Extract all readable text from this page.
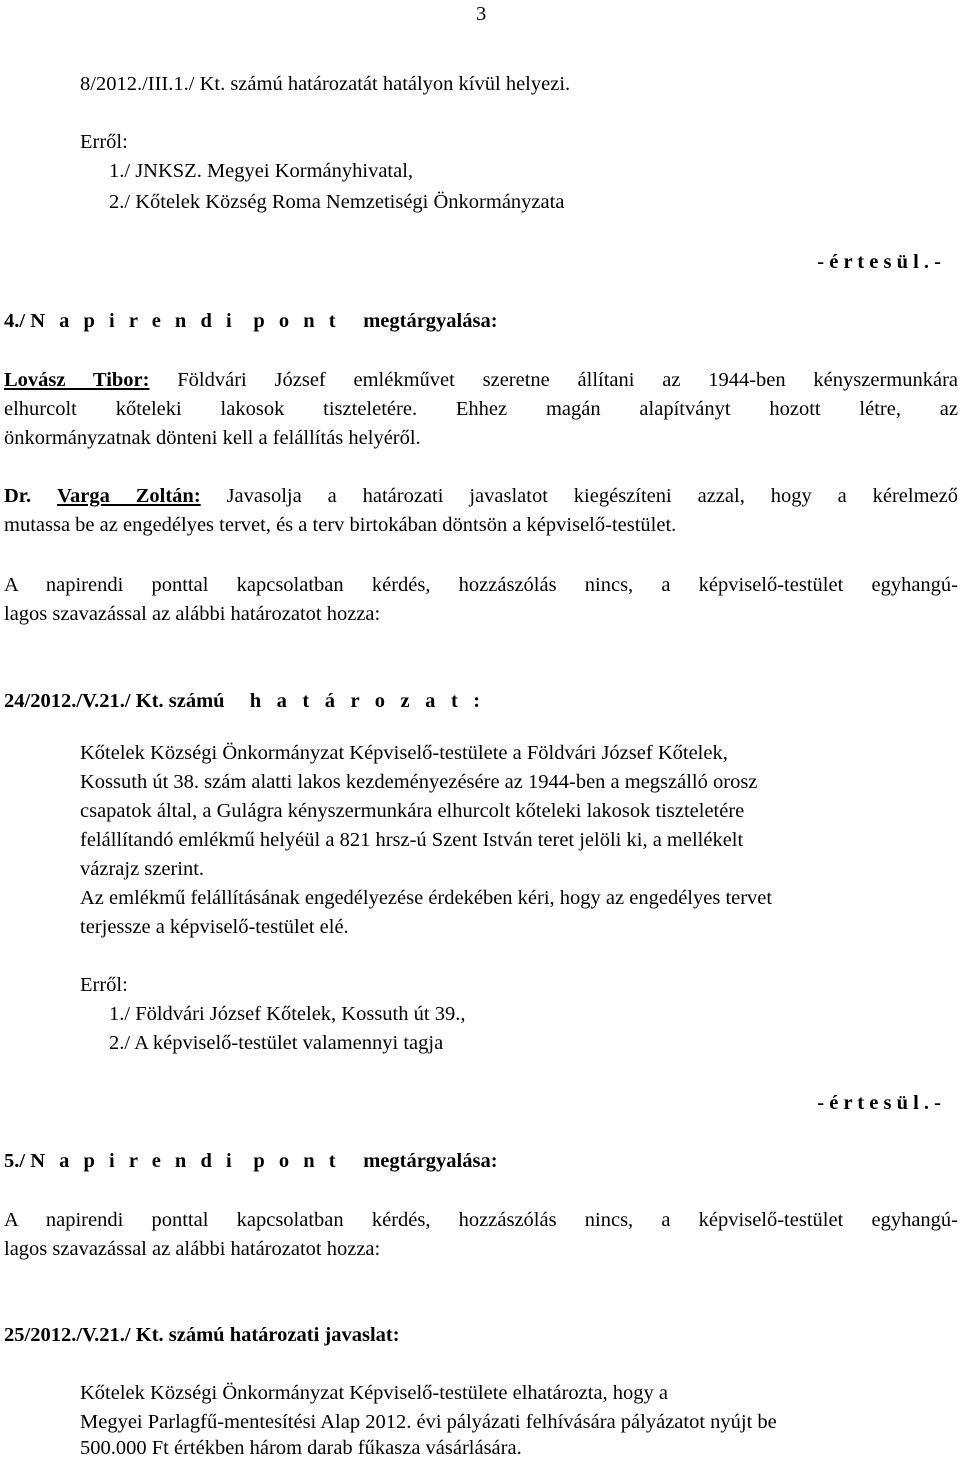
3
8/2012./III.1./ Kt. számú határozatát hatályon kívül helyezi.
Erről:
1./ JNKSZ. Megyei Kormányhivatal,
2./ Kőtelek Község Roma Nemzetiségi Önkormányzata
- é r t e s ü l . -
4./ N a p i r e n d i p o n t megtárgyalása:
Lovász Tibor: Földvári József emlékművet szeretne állítani az 1944-ben kényszermunkára
elhurcolt kőteleki lakosok tiszteletére. Ehhez magán alapítványt hozott létre, az
önkormányzatnak dönteni kell a felállítás helyéről.
Dr. Varga Zoltán: Javasolja a határozati javaslatot kiegészíteni azzal, hogy a kérelmező
mutassa be az engedélyes tervet, és a terv birtokában döntsön a képviselő-testület.
A napirendi ponttal kapcsolatban kérdés, hozzászólás nincs, a képviselő-testület egyhangú-
lagos szavazással az alábbi határozatot hozza:
24/2012./V.21./ Kt. számú h a t á r o z a t :
Kőtelek Községi Önkormányzat Képviselő-testülete a Földvári József Kőtelek,
Kossuth út 38. szám alatti lakos kezdeményezésére az 1944-ben a megszálló orosz
csapatok által, a Gulágra kényszermunkára elhurcolt kőteleki lakosok tiszteletére
felállítandó emlékmű helyéül a 821 hrsz-ú Szent István teret jelöli ki, a mellékelt
vázrajz szerint.
Az emlékmű felállításának engedélyezése érdekében kéri, hogy az engedélyes tervet
terjessze a képviselő-testület elé.
Erről:
1./ Földvári József Kőtelek, Kossuth út 39.,
2./ A képviselő-testület valamennyi tagja
- é r t e s ü l . -
5./ N a p i r e n d i p o n t megtárgyalása:
A napirendi ponttal kapcsolatban kérdés, hozzászólás nincs, a képviselő-testület egyhangú-
lagos szavazással az alábbi határozatot hozza:
25/2012./V.21./ Kt. számú határozati javaslat:
Kőtelek Községi Önkormányzat Képviselő-testülete elhatározta, hogy a
Megyei Parlagfű-mentesítési Alap 2012. évi pályázati felhívására pályázatot nyújt be
500.000 Ft értékben három darab fűkasza vásárlására.
